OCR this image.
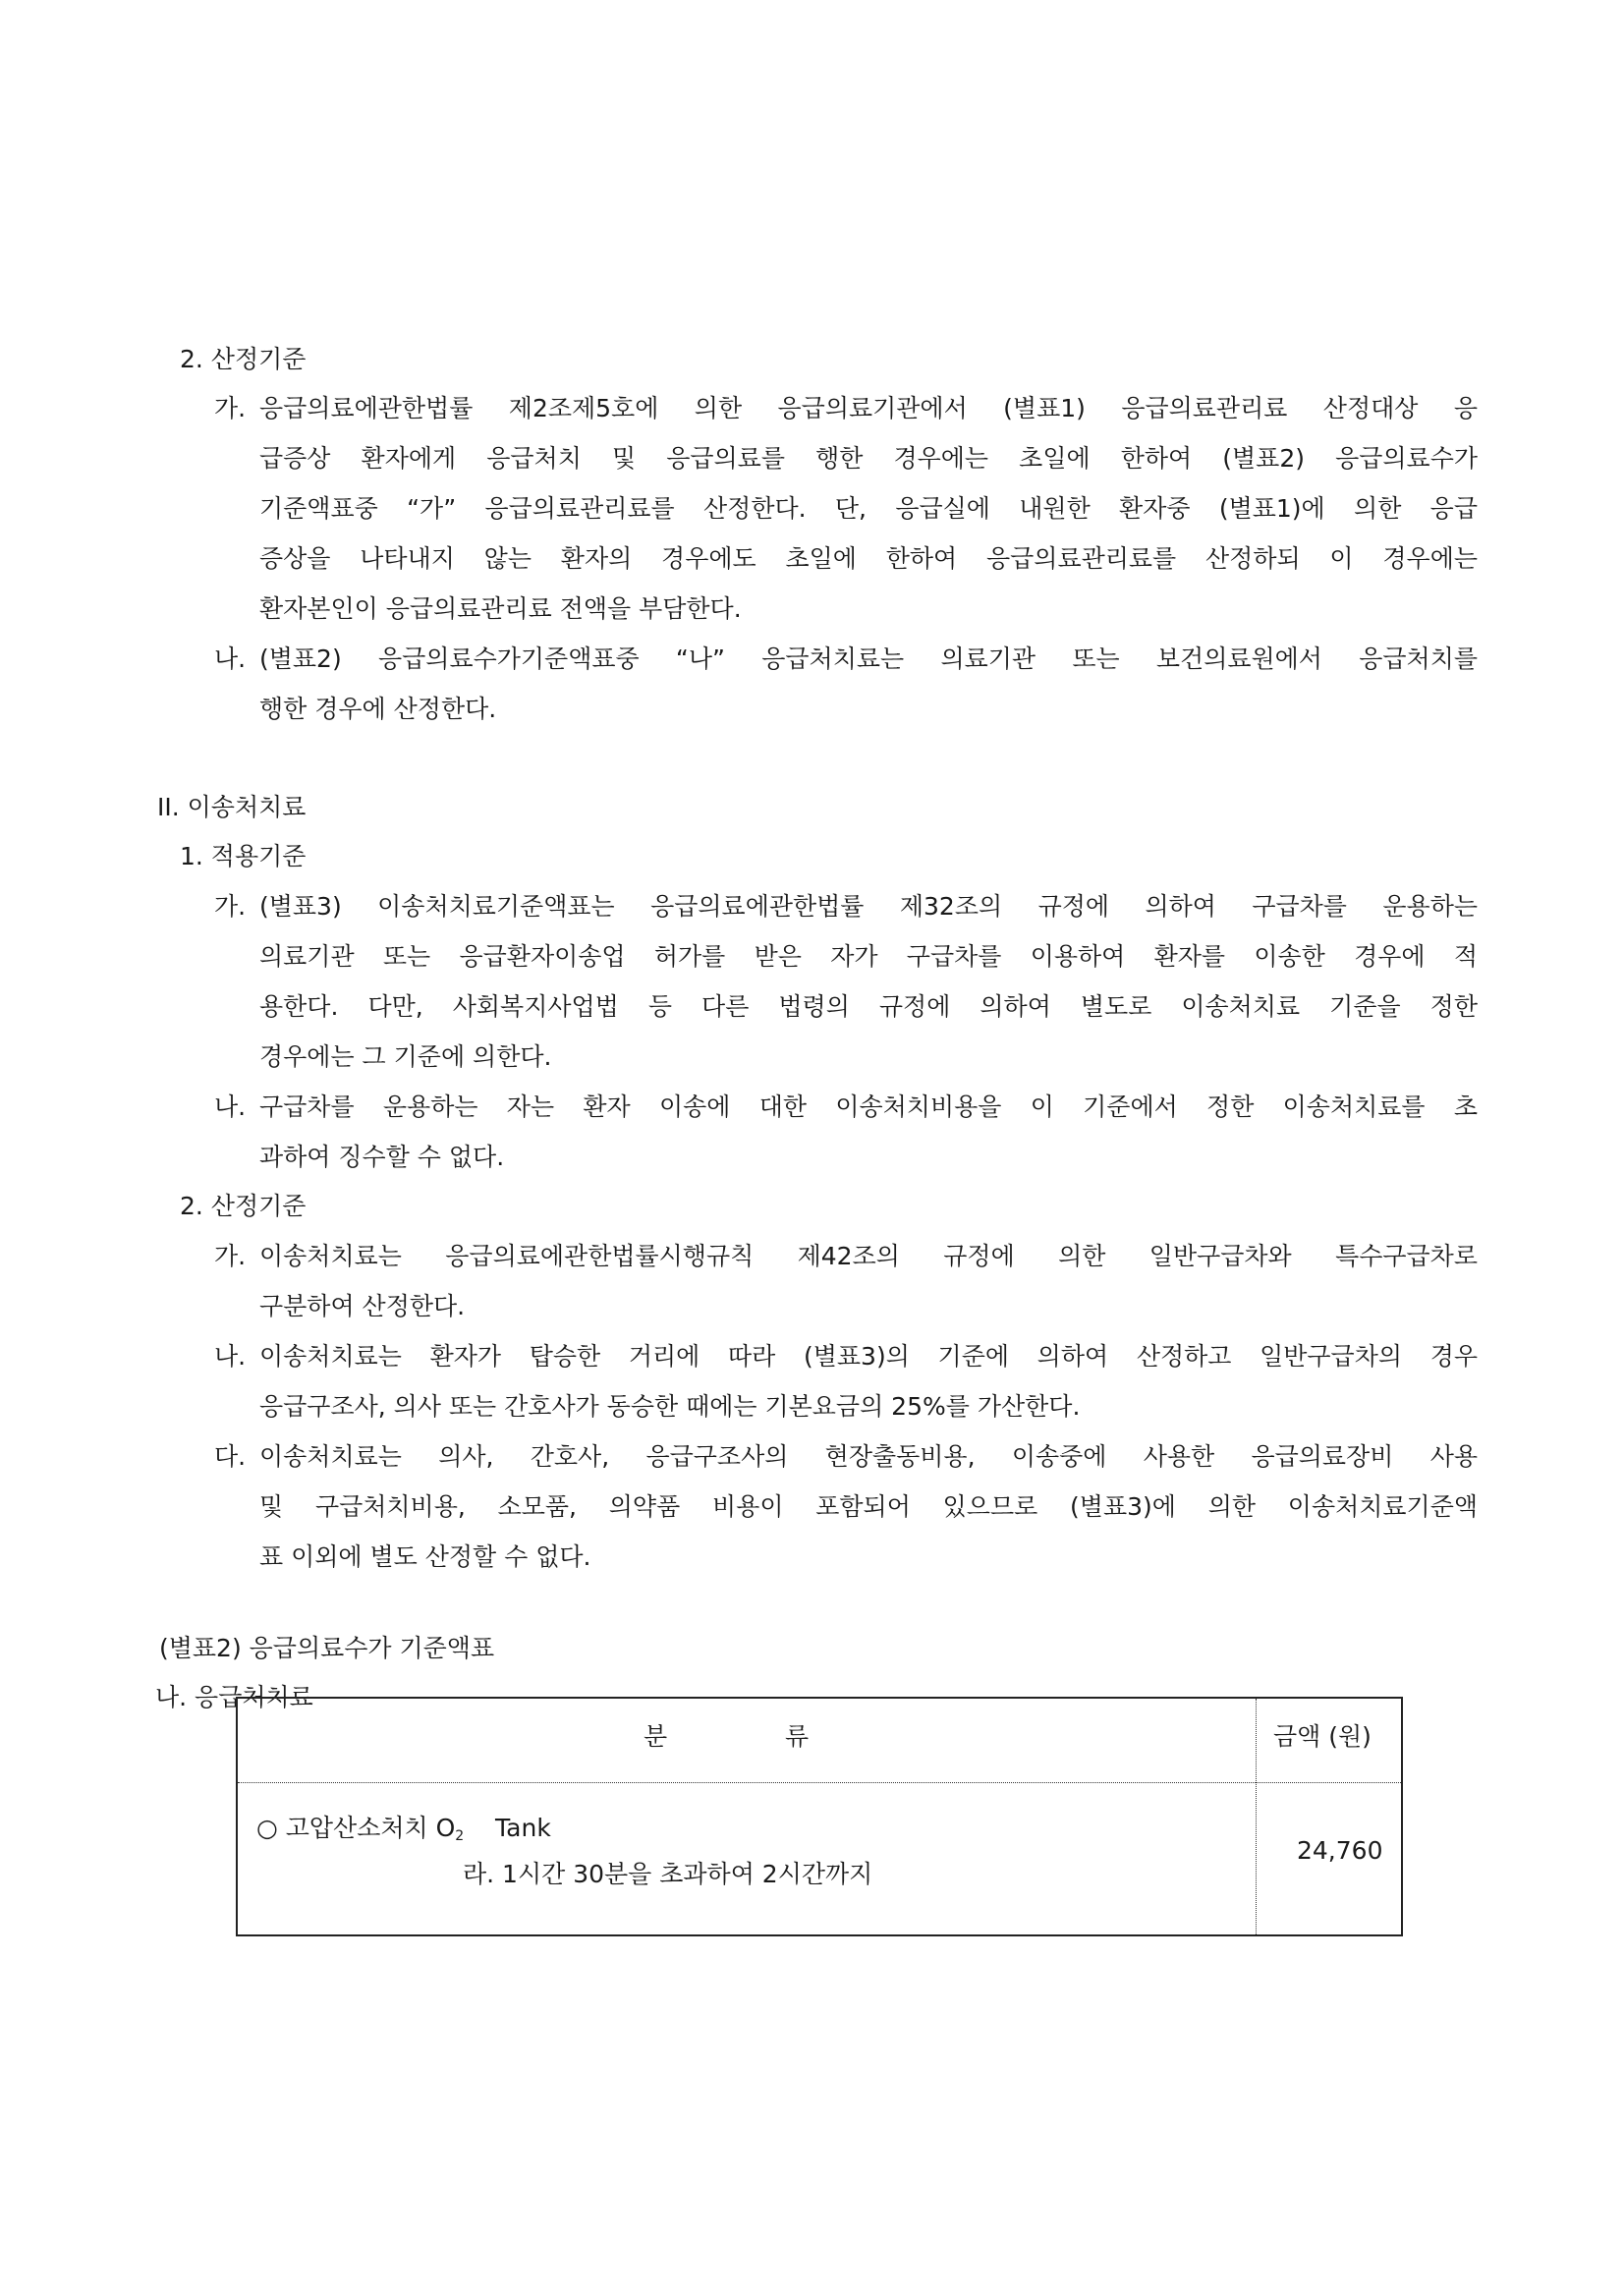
2. 산정기준
가. 응급의료에관한법률 제2조제5호에 의한 응급의료기관에서 (별표1) 응급의료관리료 산정대상 응
급증상 환자에게 응급처치 및 응급의료를 행한 경우에는 초일에 한하여 (별표2) 응급의료수가
기준액표중 “가” 응급의료관리료를 산정한다. 단, 응급실에 내원한 환자중 (별표1)에 의한 응급
증상을 나타내지 않는 환자의 경우에도 초일에 한하여 응급의료관리료를 산정하되 이 경우에는
환자본인이 응급의료관리료 전액을 부담한다.
나. (별표2) 응급의료수가기준액표중 “나” 응급처치료는 의료기관 또는 보건의료원에서 응급처치를
행한 경우에 산정한다.
II. 이송처치료
1. 적용기준
가. (별표3) 이송처치료기준액표는 응급의료에관한법률 제32조의 규정에 의하여 구급차를 운용하는
의료기관 또는 응급환자이송업 허가를 받은 자가 구급차를 이용하여 환자를 이송한 경우에 적
용한다. 다만, 사회복지사업법 등 다른 법령의 규정에 의하여 별도로 이송처치료 기준을 정한
경우에는 그 기준에 의한다.
나. 구급차를 운용하는 자는 환자 이송에 대한 이송처치비용을 이 기준에서 정한 이송처치료를 초
과하여 징수할 수 없다.
2. 산정기준
가. 이송처치료는 응급의료에관한법률시행규칙 제42조의 규정에 의한 일반구급차와 특수구급차로
구분하여 산정한다.
나. 이송처치료는 환자가 탑승한 거리에 따라 (별표3)의 기준에 의하여 산정하고 일반구급차의 경우
응급구조사, 의사 또는 간호사가 동승한 때에는 기본요금의 25%를 가산한다.
다. 이송처치료는 의사, 간호사, 응급구조사의 현장출동비용, 이송중에 사용한 응급의료장비 사용
및 구급처치비용, 소모품, 의약품 비용이 포함되어 있으므로 (별표3)에 의한 이송처치료기준액
표 이외에 별도 산정할 수 없다.
(별표2) 응급의료수가 기준액표
나. 응급처치료
분	류	금액 (원)
○ 고압산소처치 O2 Tank
라. 1시간 30분을 초과하여 2시간까지
24,760
